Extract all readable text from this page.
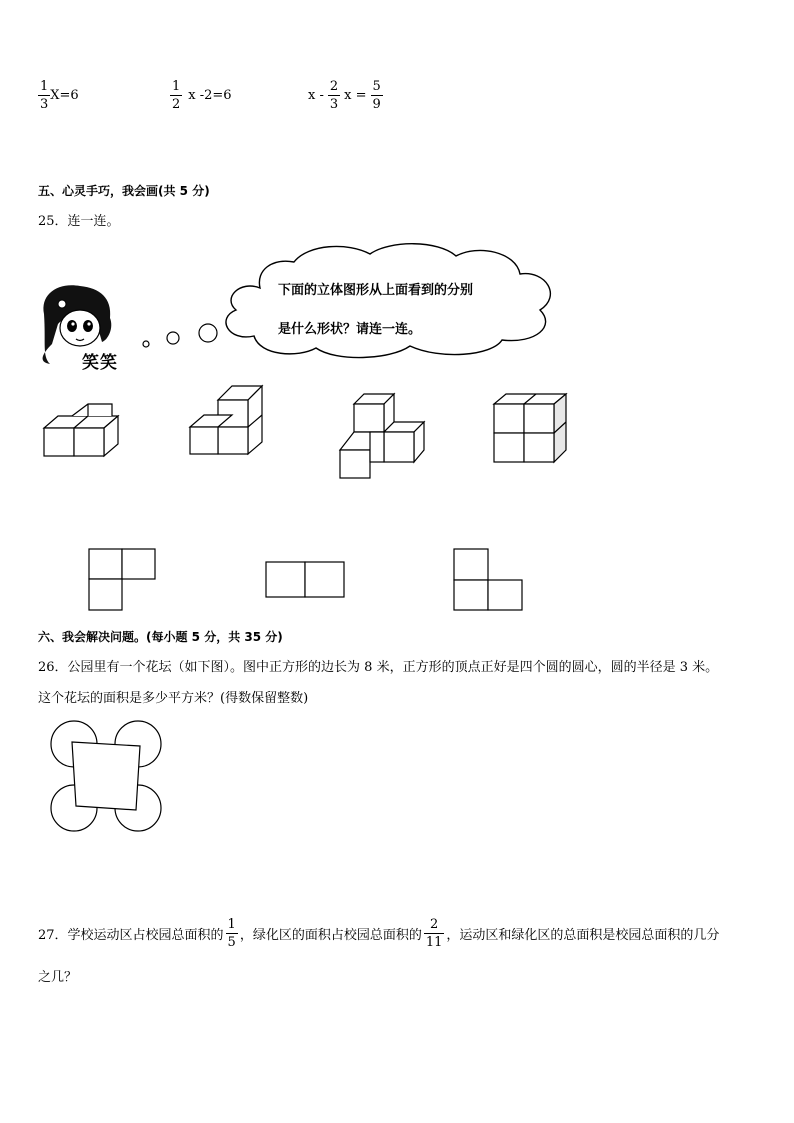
$\frac{1}{3} X=6$	$\frac{1}{2}$ x -2=6	x - $\frac{2}{3}$ $x = \frac{5}{9}$
五、心灵手巧，我会画(共 5 分)
25．连一连。
笑笑
下面的立体图形从上面看到的分别
是什么形状？请连一连。
六、我会解决问题。(每小题 5 分，共 35 分)
26．公园里有一个花坛（如下图）。图中正方形的边长为 8 米，正方形的顶点正好是四个圆的圆心，圆的半径是 3 米。
这个花坛的面积是多少平方米？(得数保留整数)
27．学校运动区占校园总面积的 $\frac{1}{5}$ ，绿化区的面积占校园总面积的 $\frac{2}{11}$ ，运动区和绿化区的总面积是校园总面积的几分
之几？
